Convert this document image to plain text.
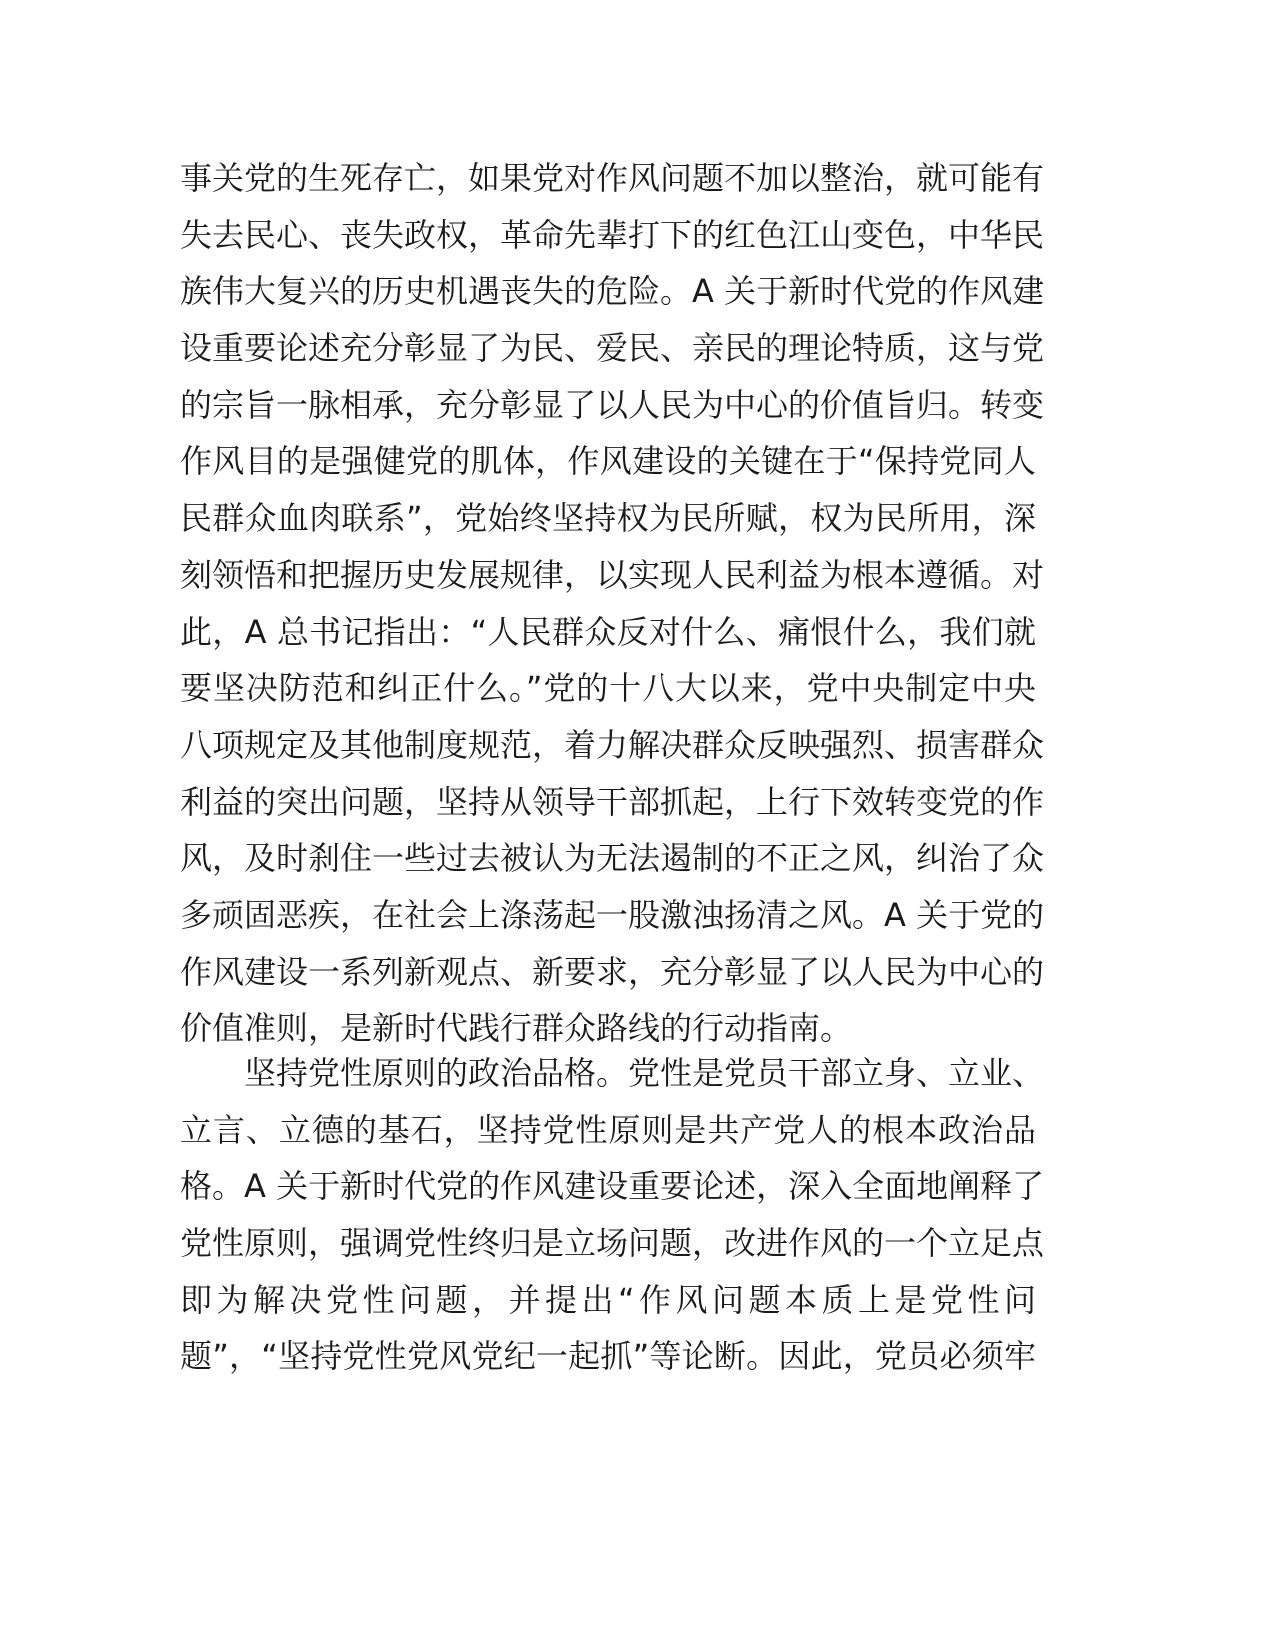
事关党的生死存亡，如果党对作风问题不加以整治，就可能有
失去民心、丧失政权，革命先辈打下的红色江山变色，中华民
族伟大复兴的历史机遇丧失的危险。A 关于新时代党的作风建
设重要论述充分彰显了为民、爱民、亲民的理论特质，这与党
的宗旨一脉相承，充分彰显了以人民为中心的价值旨归。转变
作风目的是强健党的肌体，作风建设的关键在于“保持党同人
民群众血肉联系”，党始终坚持权为民所赋，权为民所用，深
刻领悟和把握历史发展规律，以实现人民利益为根本遵循。对
此，A 总书记指出：“人民群众反对什么、痛恨什么，我们就
要坚决防范和纠正什么。”党的十八大以来，党中央制定中央
八项规定及其他制度规范，着力解决群众反映强烈、损害群众
利益的突出问题，坚持从领导干部抓起，上行下效转变党的作
风，及时刹住一些过去被认为无法遏制的不正之风，纠治了众
多顽固恶疾，在社会上涤荡起一股激浊扬清之风。A 关于党的
作风建设一系列新观点、新要求，充分彰显了以人民为中心的
价值准则，是新时代践行群众路线的行动指南。
坚持党性原则的政治品格。党性是党员干部立身、立业、
立言、立德的基石，坚持党性原则是共产党人的根本政治品
格。A 关于新时代党的作风建设重要论述，深入全面地阐释了
党性原则，强调党性终归是立场问题，改进作风的一个立足点
即为解决党性问题，并提出“作风问题本质上是党性问
题”，“坚持党性党风党纪一起抓”等论断。因此，党员必须牢
